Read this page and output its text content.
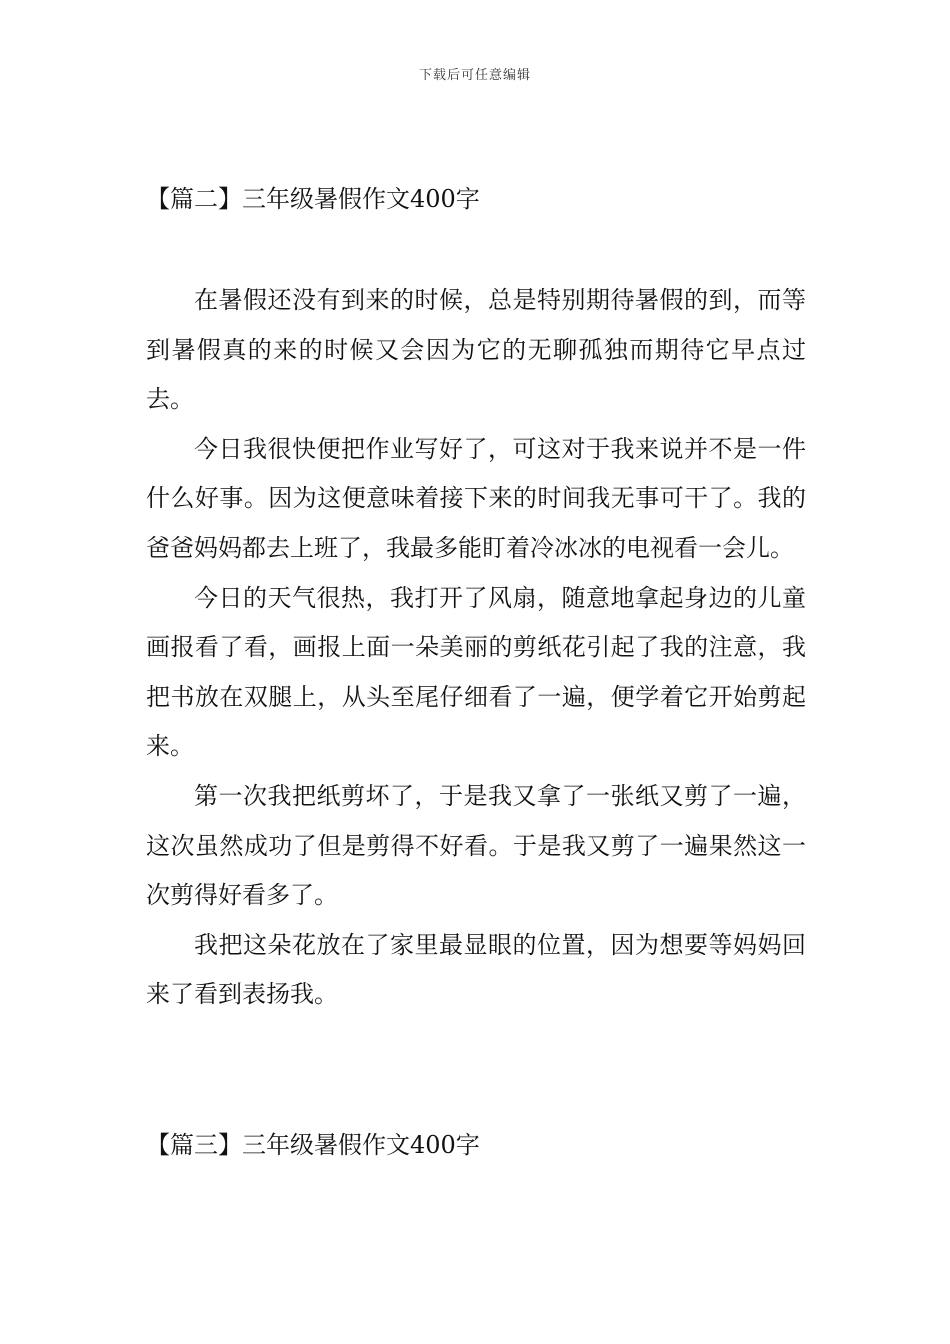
下载后可任意编辑
【篇二】三年级暑假作文400字

在暑假还没有到来的时候，总是特别期待暑假的到，而等到暑假真的来的时候又会因为它的无聊孤独而期待它早点过去。

今日我很快便把作业写好了，可这对于我来说并不是一件什么好事。因为这便意味着接下来的时间我无事可干了。我的爸爸妈妈都去上班了，我最多能盯着冷冰冰的电视看一会儿。

今日的天气很热，我打开了风扇，随意地拿起身边的儿童画报看了看，画报上面一朵美丽的剪纸花引起了我的注意，我把书放在双腿上，从头至尾仔细看了一遍，便学着它开始剪起来。

第一次我把纸剪坏了，于是我又拿了一张纸又剪了一遍，这次虽然成功了但是剪得不好看。于是我又剪了一遍果然这一次剪得好看多了。

我把这朵花放在了家里最显眼的位置，因为想要等妈妈回来了看到表扬我。

【篇三】三年级暑假作文400字
